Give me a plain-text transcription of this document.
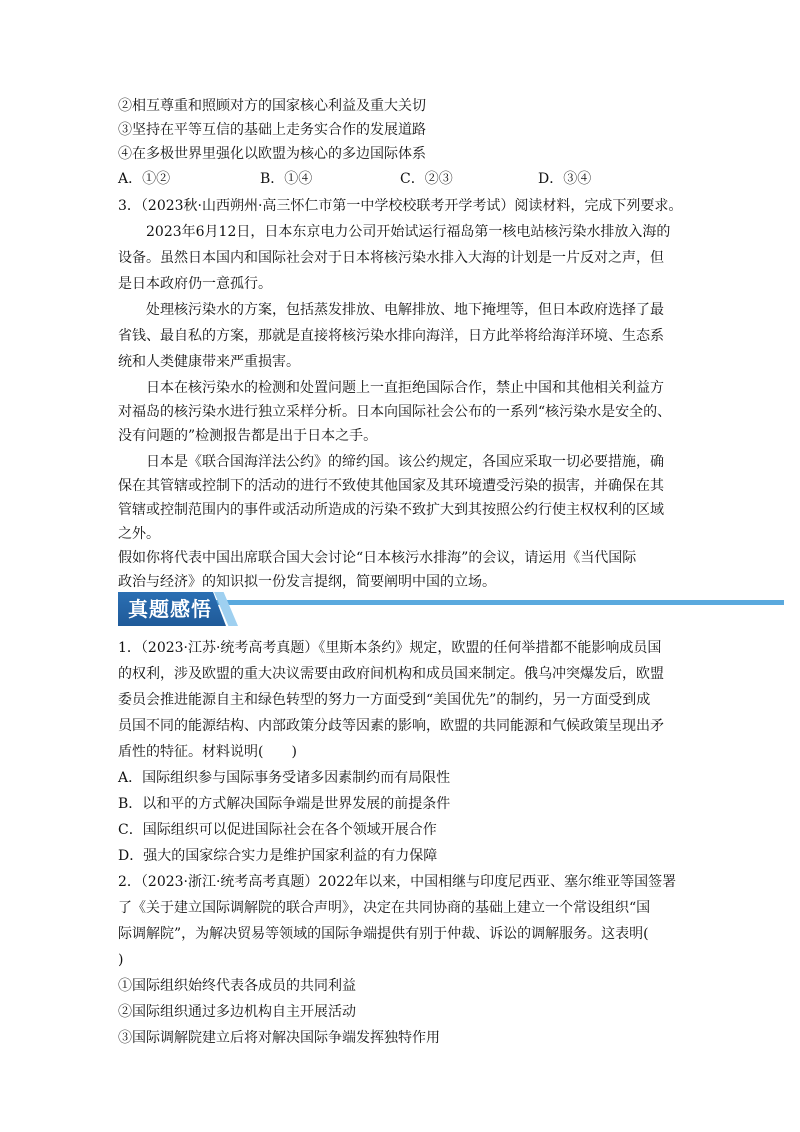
②相互尊重和照顾对方的国家核心利益及重大关切
③坚持在平等互信的基础上走务实合作的发展道路
④在多极世界里强化以欧盟为核心的多边国际体系
A．①②	B．①④	C．②③	D．③④
3．（2023秋·山西朔州·高三怀仁市第一中学校校联考开学考试）阅读材料，完成下列要求。
2023年6月12日，日本东京电力公司开始试运行福岛第一核电站核污染水排放入海的
设备。虽然日本国内和国际社会对于日本将核污染水排入大海的计划是一片反对之声，但
是日本政府仍一意孤行。
处理核污染水的方案，包括蒸发排放、电解排放、地下掩埋等，但日本政府选择了最
省钱、最自私的方案，那就是直接将核污染水排向海洋，日方此举将给海洋环境、生态系
统和人类健康带来严重损害。
日本在核污染水的检测和处置问题上一直拒绝国际合作，禁止中国和其他相关利益方
对福岛的核污染水进行独立采样分析。日本向国际社会公布的一系列“核污染水是安全的、
没有问题的”检测报告都是出于日本之手。
日本是《联合国海洋法公约》的缔约国。该公约规定，各国应采取一切必要措施，确
保在其管辖或控制下的活动的进行不致使其他国家及其环境遭受污染的损害，并确保在其
管辖或控制范围内的事件或活动所造成的污染不致扩大到其按照公约行使主权权利的区域
之外。
假如你将代表中国出席联合国大会讨论“日本核污水排海”的会议，请运用《当代国际
真题感悟
1．（2023·江苏·统考高考真题）《里斯本条约》规定，欧盟的任何举措都不能影响成员国
的权利，涉及欧盟的重大决议需要由政府间机构和成员国来制定。俄乌冲突爆发后，欧盟
委员会推进能源自主和绿色转型的努力一方面受到“美国优先”的制约，另一方面受到成
员国不同的能源结构、内部政策分歧等因素的影响，欧盟的共同能源和气候政策呈现出矛
盾性的特征。材料说明(　　)
A．国际组织参与国际事务受诸多因素制约而有局限性
B．以和平的方式解决国际争端是世界发展的前提条件
C．国际组织可以促进国际社会在各个领域开展合作
D．强大的国家综合实力是维护国家利益的有力保障
2．（2023·浙江·统考高考真题）2022年以来，中国相继与印度尼西亚、塞尔维亚等国签署
了《关于建立国际调解院的联合声明》，决定在共同协商的基础上建立一个常设组织“国
际调解院”，为解决贸易等领域的国际争端提供有别于仲裁、诉讼的调解服务。这表明(
)
①国际组织始终代表各成员的共同利益
②国际组织通过多边机构自主开展活动
③国际调解院建立后将对解决国际争端发挥独特作用
政治与经济》的知识拟一份发言提纲，简要阐明中国的立场。
